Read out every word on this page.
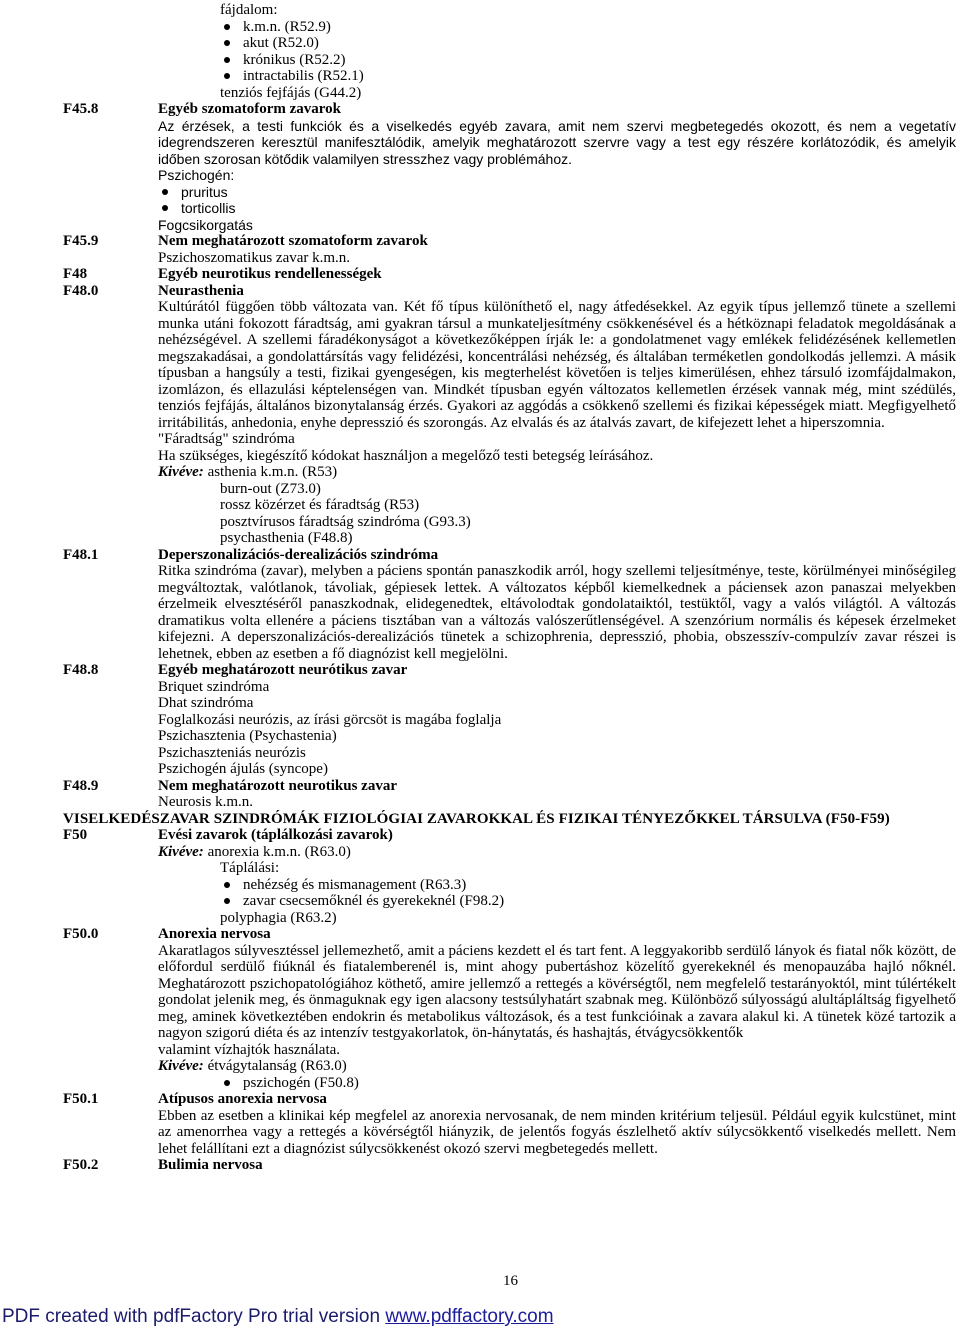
fájdalom:
k.m.n. (R52.9)
akut (R52.0)
krónikus (R52.2)
intractabilis (R52.1)
tenziós fejfájás (G44.2)
F45.8	Egyéb szomatoform zavarok
Az érzések, a testi funkciók és a viselkedés egyéb zavara, amit nem szervi megbetegedés okozott, és nem a vegetatív idegrendszeren keresztül manifesztálódik, amelyik meghatározott szervre vagy a test egy részére korlátozódik, és amelyik időben szorosan kötődik valamilyen stresszhez vagy problémához.
Pszichogén:
pruritus
torticollis
Fogcsikorgatás
F45.9	Nem meghatározott szomatoform zavarok
Pszichoszomatikus zavar k.m.n.
F48	Egyéb neurotikus rendellenességek
F48.0	Neurasthenia
Kultúrától függően több változata van. Két fő típus különíthető el, nagy átfedésekkel. Az egyik típus jellemző tünete a szellemi munka utáni fokozott fáradtság, ami gyakran társul a munkateljesítmény csökkenésével és a hétköznapi feladatok megoldásának a nehézségével. A szellemi fáradékonyságot a következőképpen írják le: a gondolatmenet vagy emlékek felidézésének kellemetlen megszakadásai, a gondolattársítás vagy felidézési, koncentrálási nehézség, és általában terméketlen gondolkodás jellemzi. A másik típusban a hangsúly a testi, fizikai gyengeségen, kis megterhelést követően is teljes kimerülésen, ehhez társuló izomfájdalmakon, izomlázon, és ellazulási képtelenségen van. Mindkét típusban egyén változatos kellemetlen érzések vannak még, mint szédülés, tenziós fejfájás, általános bizonytalanság érzés. Gyakori az aggódás a csökkenő szellemi és fizikai képességek miatt. Megfigyelhető irritábilitás, anhedonia, enyhe depresszió és szorongás. Az elvalás és az átalvás zavart, de kifejezett lehet a hiperszomnia.
"Fáradtság" szindróma
Ha szükséges, kiegészítő kódokat használjon a megelőző testi betegség leírásához.
Kivéve: asthenia k.m.n. (R53)
burn-out (Z73.0)
rossz közérzet és fáradtság (R53)
posztvírusos fáradtság szindróma (G93.3)
psychasthenia (F48.8)
F48.1	Deperszonalizációs-derealizációs szindróma
Ritka szindróma (zavar), melyben a páciens spontán panaszkodik arról, hogy szellemi teljesítménye, teste, körülményei minőségileg megváltoztak, valótlanok, távoliak, gépiesek lettek. A változatos képből kiemelkednek a páciensek azon panaszai melyekben érzelmeik elvesztéséről panaszkodnak, elidegenedtek, eltávolodtak gondolataiktól, testüktől, vagy a valós világtól. A változás dramatikus volta ellenére a páciens tisztában van a változás valószerűtlenségével. A szenzórium normális és képesek érzelmeket kifejezni. A deperszonalizációs-derealizációs tünetek a schizophrenia, depresszió, phobia, obszesszív-compulzív zavar részei is lehetnek, ebben az esetben a fő diagnózist kell megjelölni.
F48.8	Egyéb meghatározott neurótikus zavar
Briquet szindróma
Dhat szindróma
Foglalkozási neurózis, az írási görcsöt is magába foglalja
Pszichasztenia (Psychastenia)
Pszichaszteniás neurózis
Pszichogén ájulás (syncope)
F48.9	Nem meghatározott neurotikus zavar
Neurosis k.m.n.
VISELKEDÉSZAVAR SZINDRÓMÁK FIZIOLÓGIAI ZAVAROKKAL ÉS FIZIKAI TÉNYEZŐKKEL TÁRSULVA (F50-F59)
F50	Evési zavarok (táplálkozási zavarok)
Kivéve: anorexia k.m.n. (R63.0)
Táplálási:
nehézség és mismanagement (R63.3)
zavar csecsemőknél és gyerekeknél (F98.2)
polyphagia (R63.2)
F50.0	Anorexia nervosa
Akaratlagos súlyvesztéssel jellemezhető, amit a páciens kezdett el és tart fent. A leggyakoribb serdülő lányok és fiatal nők között, de előfordul serdülő fiúknál és fiatalemberenél is, mint ahogy pubertáshoz közelítő gyerekeknél és menopauzába hajló nőknél. Meghatározott pszichopatológiához köthető, amire jellemző a rettegés a kövérségtől, nem megfelelő testarányoktól, mint túlértékelt gondolat jelenik meg, és önmaguknak egy igen alacsony testsúlyhatárt szabnak meg. Különböző súlyosságú alultápláltság figyelhető meg, aminek következtében endokrin és metabolikus változások, és a test funkcióinak a zavara alakul ki. A tünetek közé tartozik a nagyon szigorú diéta és az intenzív testgyakorlatok, ön-hánytatás, és hashajtás, étvágycsökkentők
valamint vízhajtók használata.
Kivéve: étvágytalanság (R63.0)
pszichogén (F50.8)
F50.1	Atípusos anorexia nervosa
Ebben az esetben a klinikai kép megfelel az anorexia nervosanak, de nem minden kritérium teljesül. Például egyik kulcstünet, mint az amenorrhea vagy a rettegés a kövérségtől hiányzik, de jelentős fogyás észlelhető aktív súlycsökkentő viselkedés mellett. Nem lehet felállítani ezt a diagnózist súlycsökkenést okozó szervi megbetegedés mellett.
F50.2	Bulimia nervosa
16
PDF created with pdfFactory Pro trial version www.pdffactory.com
